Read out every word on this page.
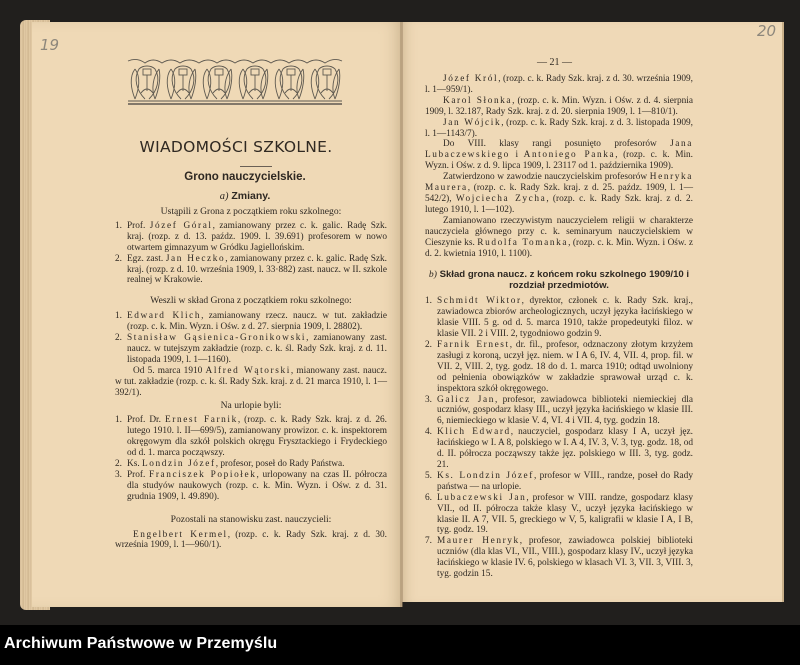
19
20
WIADOMOŚCI SZKOLNE.
Grono nauczycielskie.
a) Zmiany.
Ustąpili z Grona z początkiem roku szkolnego:
1. Prof. Józef Góral, zamianowany przez c. k. galic. Radę Szk. kraj. (rozp. z d. 13. paźdz. 1909. l. 39.691) profesorem w nowo otwartem gimnazyum w Gródku Jagiellońskim.
2. Egz. zast. Jan Heczko, zamianowany przez c. k. galic. Radę Szk. kraj. (rozp. z d. 10. września 1909, l. 33·882) zast. naucz. w II. szkole realnej w Krakowie.
Weszli w skład Grona z początkiem roku szkolnego:
1. Edward Klich, zamianowany rzecz. naucz. w tut. zakładzie (rozp. c. k. Min. Wyzn. i Ośw. z d. 27. sierpnia 1909, l. 28802).
2. Stanisław Gąsienica-Gronikowski, zamianowany zast. naucz. w tutejszym zakładzie (rozp. c. k. śl. Rady Szk. kraj. z d. 11. listopada 1909, l. 1—1160).
Od 5. marca 1910 Alfred Wątorski, mianowany zast. naucz. w tut. zakładzie (rozp. c. k. śl. Rady Szk. kraj. z d. 21 marca 1910, l. 1—392/1).
Na urlopie byli:
1. Prof. Dr. Ernest Farnik, (rozp. c. k. Rady Szk. kraj. z d. 26. lutego 1910. l. II—699/5), zamianowany prowizor. c. k. inspektorem okręgowym dla szkół polskich okręgu Frysztackiego i Frydeckiego od d. 1. marca począwszy.
2. Ks. Londzin Józef, profesor, poseł do Rady Państwa.
3. Prof. Franciszek Popiołek, urlopowany na czas II. półrocza dla studyów naukowych (rozp. c. k. Min. Wyzn. i Ośw. z d. 31. grudnia 1909, l. 49.890).
Pozostali na stanowisku zast. nauczycieli:
Engelbert Kermel, (rozp. c. k. Rady Szk. kraj. z d. 30. września 1909, l. 1—960/1).
— 21 —
Józef Król, (rozp. c. k. Rady Szk. kraj. z d. 30. września 1909, l. 1—959/1).
Karol Słonka, (rozp. c. k. Min. Wyzn. i Ośw. z d. 4. sierpnia 1909, l. 32.187, Rady Szk. kraj. z d. 20. sierpnia 1909, l. 1—810/1).
Jan Wójcik, (rozp. c. k. Rady Szk. kraj. z d. 3. listopada 1909, l. 1—1143/7).
Do VIII. klasy rangi posunięto profesorów Jana Lubaczewskiego i Antoniego Panka, (rozp. c. k. Min. Wyzn. i Ośw. z d. 9. lipca 1909, l. 23117 od 1. października 1909).
Zatwierdzono w zawodzie nauczycielskim profesorów Henryka Maurera, (rozp. c. k. Rady Szk. kraj. z d. 25. paźdz. 1909, l. 1—542/2), Wojciecha Zycha, (rozp. c. k. Rady Szk. kraj. z d. 2. lutego 1910, l. 1—102).
Zamianowano rzeczywistym nauczycielem religii w charakterze nauczyciela głównego przy c. k. seminaryum nauczycielskiem w Cieszynie ks. Rudolfa Tomanka, (rozp. c. k. Min. Wyzn. i Ośw. z d. 2. kwietnia 1910, l. 1100).
b) Skład grona naucz. z końcem roku szkolnego 1909/10 i rozdział przedmiotów.
1. Schmidt Wiktor, dyrektor, członek c. k. Rady Szk. kraj., zawiadowca zbiorów archeologicznych, uczył języka łacińskiego w klasie VIII. 5 g. od d. 5. marca 1910, także propedeutyki filoz. w klasie VII. 2 i VIII. 2, tygodniowo godzin 9.
2. Farnik Ernest, dr. fil., profesor, odznaczony złotym krzyżem zasługi z koroną, uczył jęz. niem. w I A 6, IV. 4, VII. 4, prop. fil. w VII. 2, VIII. 2, tyg. godz. 18 do d. 1. marca 1910; odtąd uwolniony od pełnienia obowiązków w zakładzie sprawował urząd c. k. inspektora szkół okręgowego.
3. Galicz Jan, profesor, zawiadowca biblioteki niemieckiej dla uczniów, gospodarz klasy III., uczył języka łacińskiego w klasie III. 6, niemieckiego w klasie V. 4, VI. 4 i VII. 4, tyg. godzin 18.
4. Klich Edward, nauczyciel, gospodarz klasy I A, uczył jęz. łacińskiego w I. A 8, polskiego w I. A 4, IV. 3, V. 3, tyg. godz. 18, od d. II. półrocza począwszy także jęz. polskiego w III. 3, tyg. godz. 21.
5. Ks. Londzin Józef, profesor w VIII., randze, poseł do Rady państwa — na urlopie.
6. Lubaczewski Jan, profesor w VIII. randze, gospodarz klasy VII., od II. półrocza także klasy V., uczył języka łacińskiego w klasie II. A 7, VII. 5, greckiego w V, 5, kaligrafii w klasie I A, I B, tyg. godz. 19.
7. Maurer Henryk, profesor, zawiadowca polskiej biblioteki uczniów (dla klas VI., VII., VIII.), gospodarz klasy IV., uczył języka łacińskiego w klasie IV. 6, polskiego w klasach VI. 3, VII. 3, VIII. 3, tyg. godzin 15.
Archiwum Państwowe w Przemyślu
